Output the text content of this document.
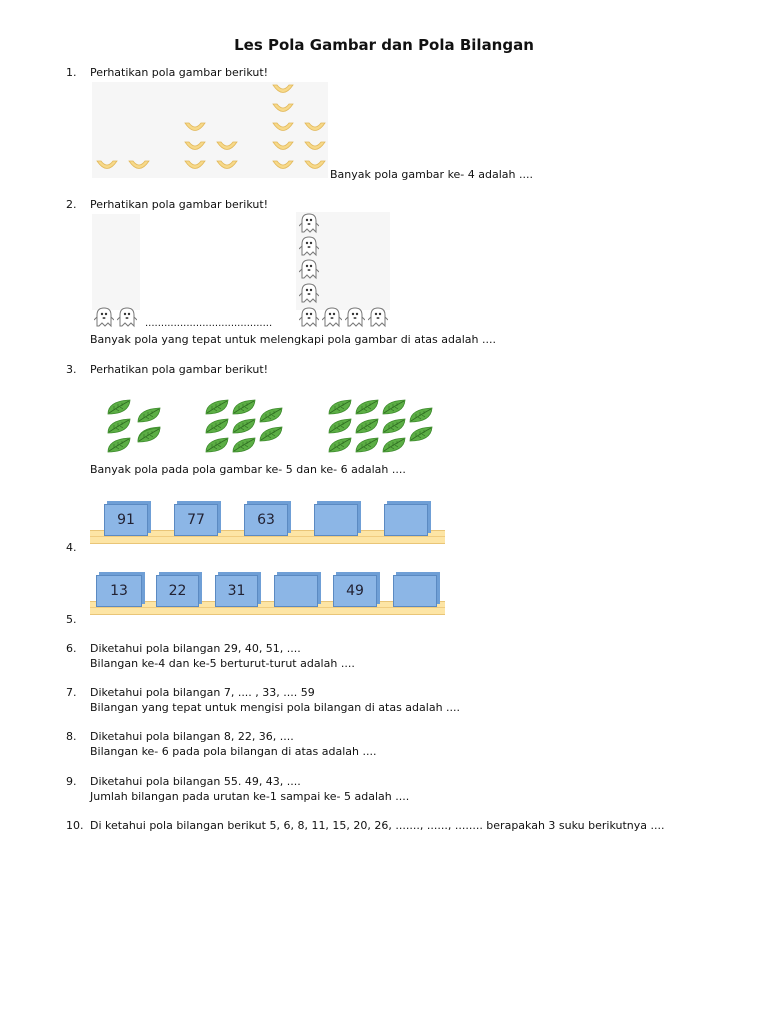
Les Pola Gambar dan Pola Bilangan
1. Perhatikan pola gambar berikut!
Banyak pola gambar ke- 4 adalah ....
2. Perhatikan pola gambar berikut!
........................................
Banyak pola yang tepat untuk melengkapi pola gambar di atas adalah ....
3. Perhatikan pola gambar berikut!
Banyak pola pada pola gambar ke- 5 dan ke- 6 adalah ....
91	77	63
4.
13	22	31	49
5.
6. Diketahui pola bilangan 29, 40, 51, ....
Bilangan ke-4 dan ke-5 berturut-turut adalah ....
7. Diketahui pola bilangan 7, .... , 33, .... 59
Bilangan yang tepat untuk mengisi pola bilangan di atas adalah ....
8. Diketahui pola bilangan 8, 22, 36, ....
Bilangan ke- 6 pada pola bilangan di atas adalah ....
9. Diketahui pola bilangan 55. 49, 43, ....
Jumlah bilangan pada urutan ke-1 sampai ke- 5 adalah ....
10. Di ketahui pola bilangan berikut 5, 6, 8, 11, 15, 20, 26, ......., ......, ........ berapakah 3 suku berikutnya ....
